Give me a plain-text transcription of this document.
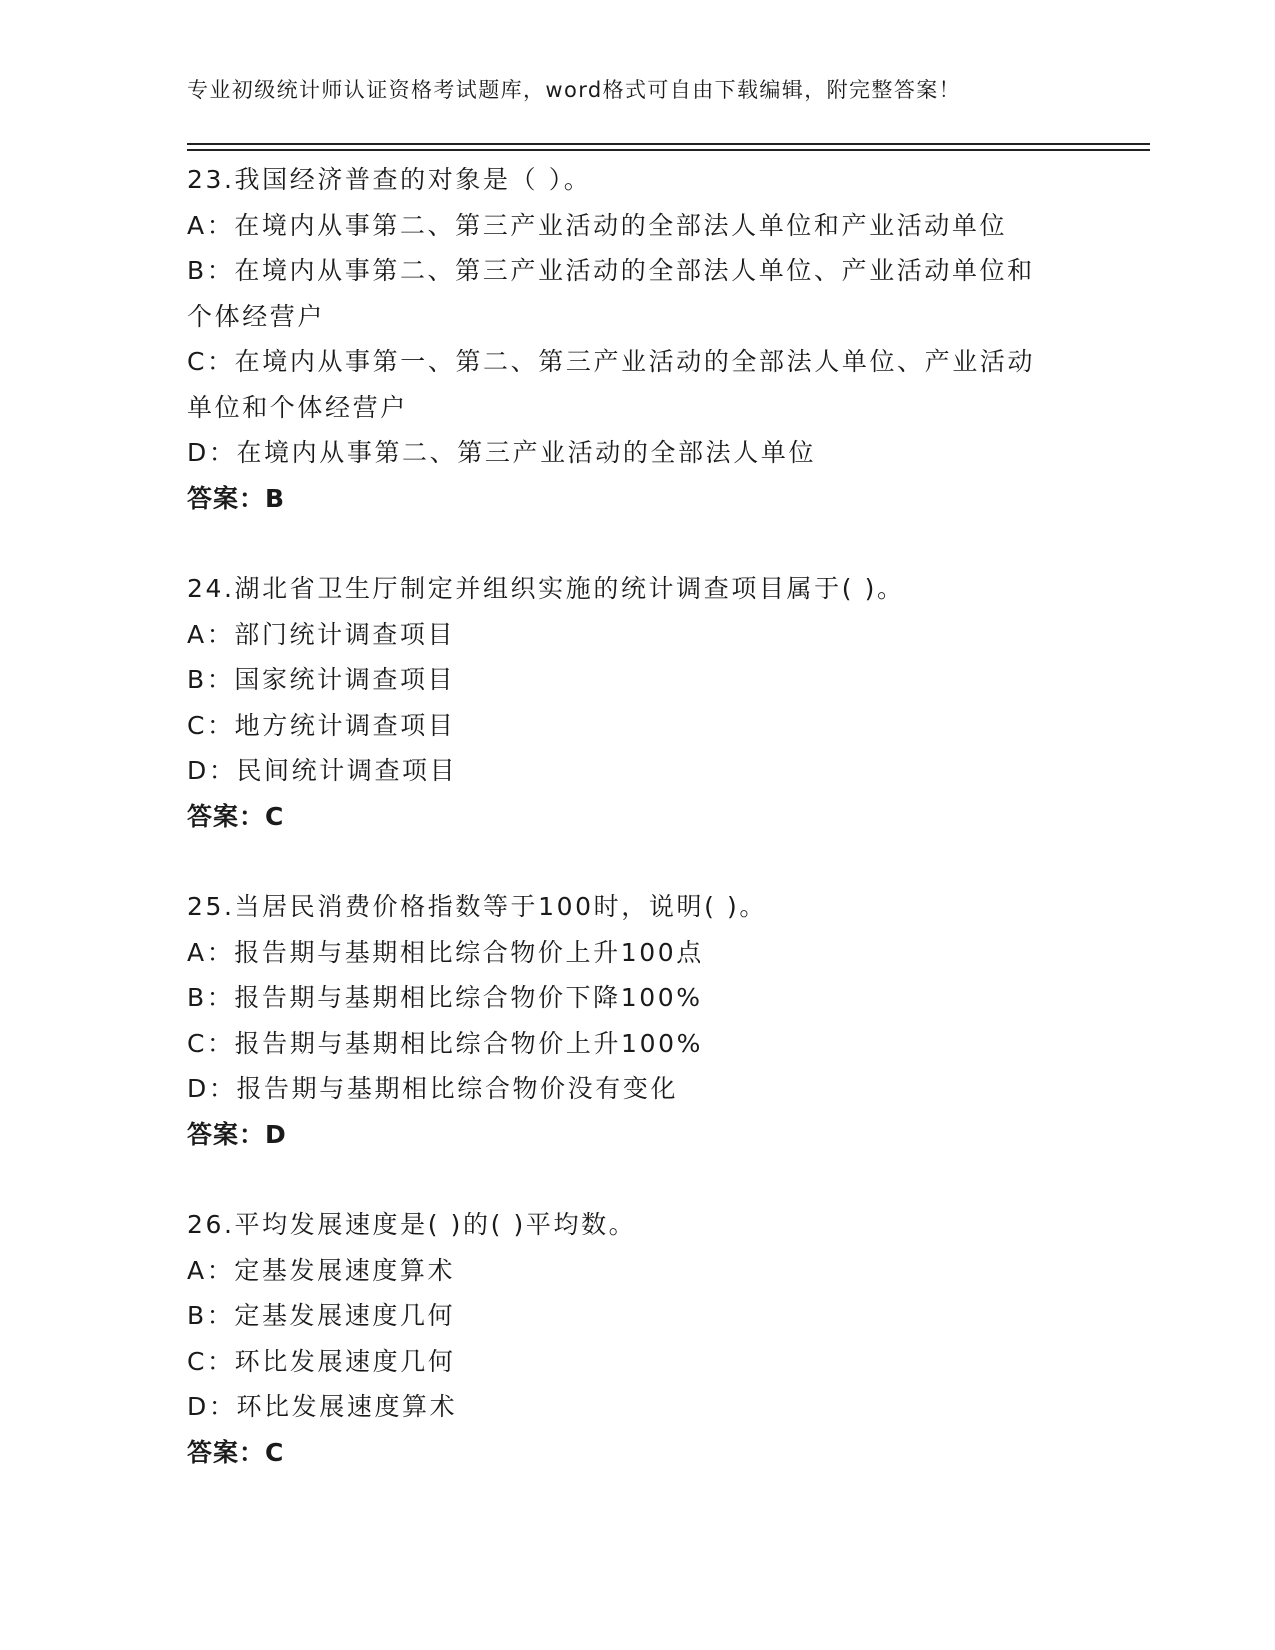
专业初级统计师认证资格考试题库，word格式可自由下载编辑，附完整答案！
23.我国经济普查的对象是（ ）。
A：在境内从事第二、第三产业活动的全部法人单位和产业活动单位
B：在境内从事第二、第三产业活动的全部法人单位、产业活动单位和
个体经营户
C：在境内从事第一、第二、第三产业活动的全部法人单位、产业活动
单位和个体经营户
D：在境内从事第二、第三产业活动的全部法人单位
答案：B
24.湖北省卫生厅制定并组织实施的统计调查项目属于( )。
A：部门统计调查项目
B：国家统计调查项目
C：地方统计调查项目
D：民间统计调查项目
答案：C
25.当居民消费价格指数等于100时，说明( )。
A：报告期与基期相比综合物价上升100点
B：报告期与基期相比综合物价下降100%
C：报告期与基期相比综合物价上升100%
D：报告期与基期相比综合物价没有变化
答案：D
26.平均发展速度是( )的( )平均数。
A：定基发展速度算术
B：定基发展速度几何
C：环比发展速度几何
D：环比发展速度算术
答案：C
